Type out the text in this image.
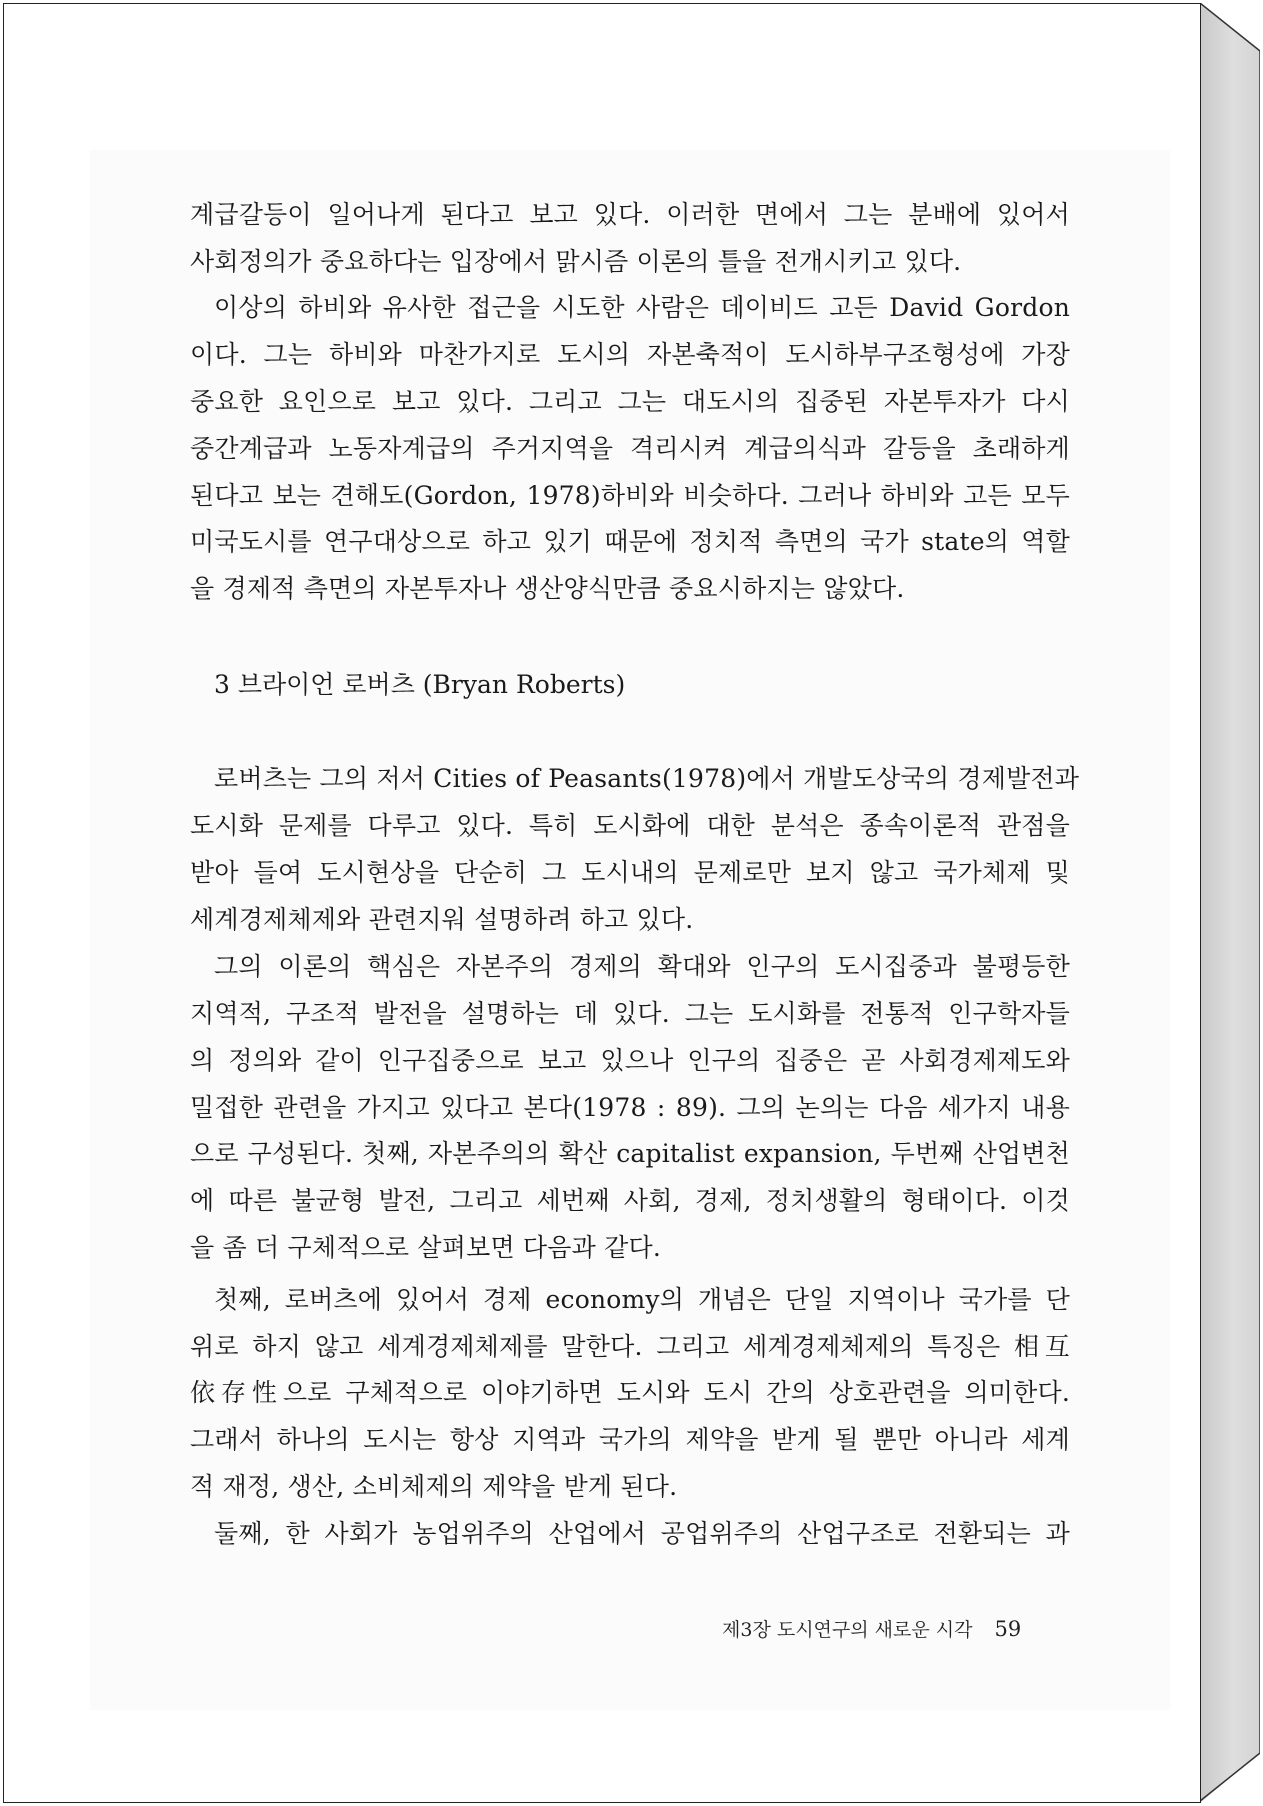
계급갈등이 일어나게 된다고 보고 있다. 이러한 면에서 그는 분배에 있어서
사회정의가 중요하다는 입장에서 맑시즘 이론의 틀을 전개시키고 있다.
이상의 하비와 유사한 접근을 시도한 사람은 데이비드 고든 David Gordon
이다. 그는 하비와 마찬가지로 도시의 자본축적이 도시하부구조형성에 가장
중요한 요인으로 보고 있다. 그리고 그는 대도시의 집중된 자본투자가 다시
중간계급과 노동자계급의 주거지역을 격리시켜 계급의식과 갈등을 초래하게
된다고 보는 견해도(Gordon, 1978)하비와 비슷하다. 그러나 하비와 고든 모두
미국도시를 연구대상으로 하고 있기 때문에 정치적 측면의 국가 state의 역할
을 경제적 측면의 자본투자나 생산양식만큼 중요시하지는 않았다.
3 브라이언 로버츠 (Bryan Roberts)
로버츠는 그의 저서 Cities of Peasants(1978)에서 개발도상국의 경제발전과
도시화 문제를 다루고 있다. 특히 도시화에 대한 분석은 종속이론적 관점을
받아 들여 도시현상을 단순히 그 도시내의 문제로만 보지 않고 국가체제 및
세계경제체제와 관련지워 설명하려 하고 있다.
그의 이론의 핵심은 자본주의 경제의 확대와 인구의 도시집중과 불평등한
지역적, 구조적 발전을 설명하는 데 있다. 그는 도시화를 전통적 인구학자들
의 정의와 같이 인구집중으로 보고 있으나 인구의 집중은 곧 사회경제제도와
밀접한 관련을 가지고 있다고 본다(1978 : 89). 그의 논의는 다음 세가지 내용
으로 구성된다. 첫째, 자본주의의 확산 capitalist expansion, 두번째 산업변천
에 따른 불균형 발전, 그리고 세번째 사회, 경제, 정치생활의 형태이다. 이것
을 좀 더 구체적으로 살펴보면 다음과 같다.
첫째, 로버츠에 있어서 경제 economy의 개념은 단일 지역이나 국가를 단
위로 하지 않고 세계경제체제를 말한다. 그리고 세계경제체제의 특징은 相互
依存性으로 구체적으로 이야기하면 도시와 도시 간의 상호관련을 의미한다.
그래서 하나의 도시는 항상 지역과 국가의 제약을 받게 될 뿐만 아니라 세계
적 재정, 생산, 소비체제의 제약을 받게 된다.
둘째, 한 사회가 농업위주의 산업에서 공업위주의 산업구조로 전환되는 과
제3장 도시연구의 새로운 시각 59
